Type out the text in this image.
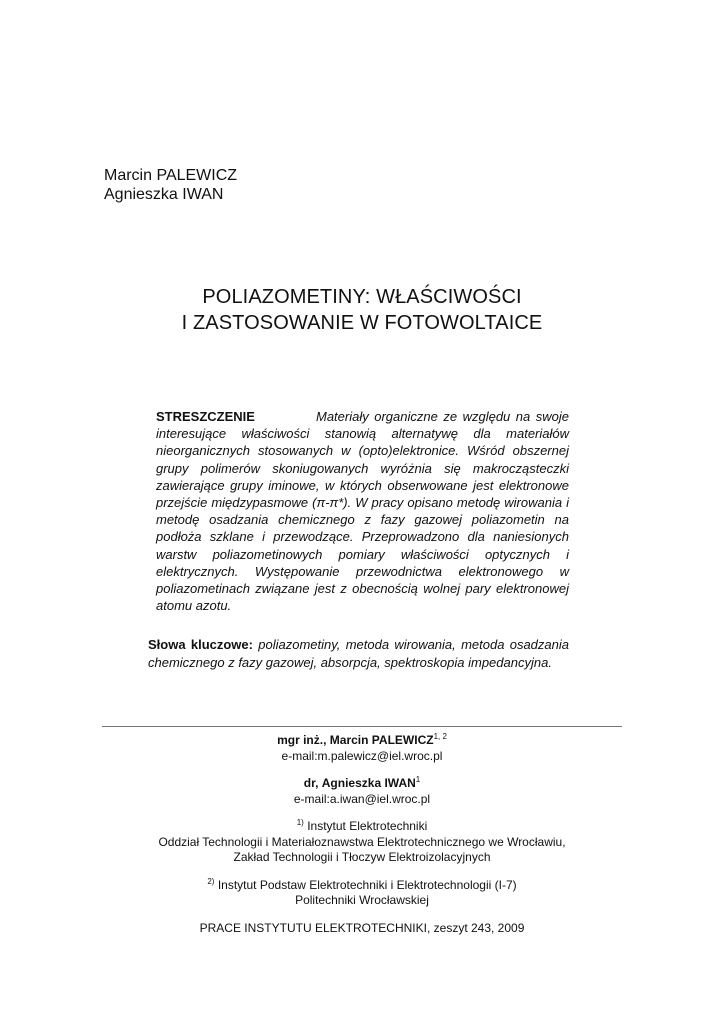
Marcin PALEWICZ
Agnieszka IWAN
POLIAZOMETINY: WŁAŚCIWOŚCI
I ZASTOSOWANIE W FOTOWOLTAICE
STRESZCZENIE	Materiały organiczne ze względu na swoje interesujące właściwości stanowią alternatywę dla materiałów nieorganicznych stosowanych w (opto)elektronice. Wśród obszernej grupy polimerów skoniugowanych wyróżnia się makrocząsteczki zawierające grupy iminowe, w których obserwowane jest elektronowe przejście międzypasmowe (π-π*). W pracy opisano metodę wirowania i metodę osadzania chemicznego z fazy gazowej poliazometin na podłoża szklane i przewodzące. Przeprowadzono dla naniesionych warstw poliazometinowych pomiary właściwości optycznych i elektrycznych. Występowanie przewodnictwa elektronowego w poliazometinach związane jest z obecnością wolnej pary elektronowej atomu azotu.
Słowa kluczowe: poliazometiny, metoda wirowania, metoda osadzania chemicznego z fazy gazowej, absorpcja, spektroskopia impedancyjna.
mgr inż., Marcin PALEWICZ$^{1, 2}$
e-mail:m.palewicz@iel.wroc.pl
dr, Agnieszka IWAN$^1$
e-mail:a.iwan@iel.wroc.pl
$^{1)}$ Instytut Elektrotechniki
Oddział Technologii i Materiałoznawstwa Elektrotechnicznego we Wrocławiu,
Zakład Technologii i Tłoczyw Elektroizolacyjnych
$^{2)}$ Instytut Podstaw Elektrotechniki i Elektrotechnologii (I-7)
Politechniki Wrocławskiej
PRACE INSTYTUTU ELEKTROTECHNIKI, zeszyt 243, 2009
